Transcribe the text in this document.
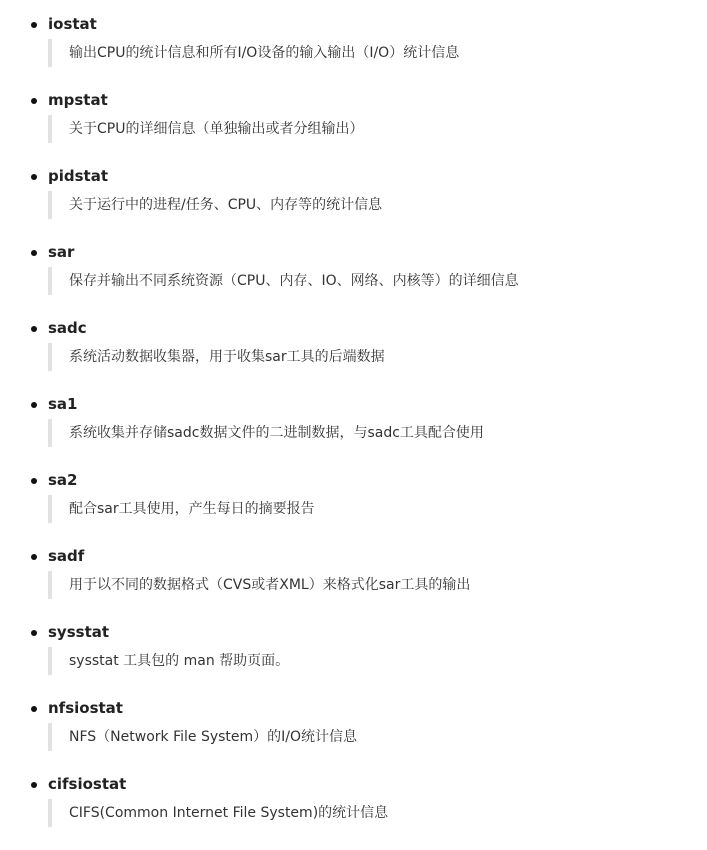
iostat
输出CPU的统计信息和所有I/O设备的输入输出（I/O）统计信息
mpstat
关于CPU的详细信息（单独输出或者分组输出）
pidstat
关于运行中的进程/任务、CPU、内存等的统计信息
sar
保存并输出不同系统资源（CPU、内存、IO、网络、内核等）的详细信息
sadc
系统活动数据收集器，用于收集sar工具的后端数据
sa1
系统收集并存储sadc数据文件的二进制数据，与sadc工具配合使用
sa2
配合sar工具使用，产生每日的摘要报告
sadf
用于以不同的数据格式（CVS或者XML）来格式化sar工具的输出
sysstat
sysstat 工具包的 man 帮助页面。
nfsiostat
NFS（Network File System）的I/O统计信息
cifsiostat
CIFS(Common Internet File System)的统计信息
